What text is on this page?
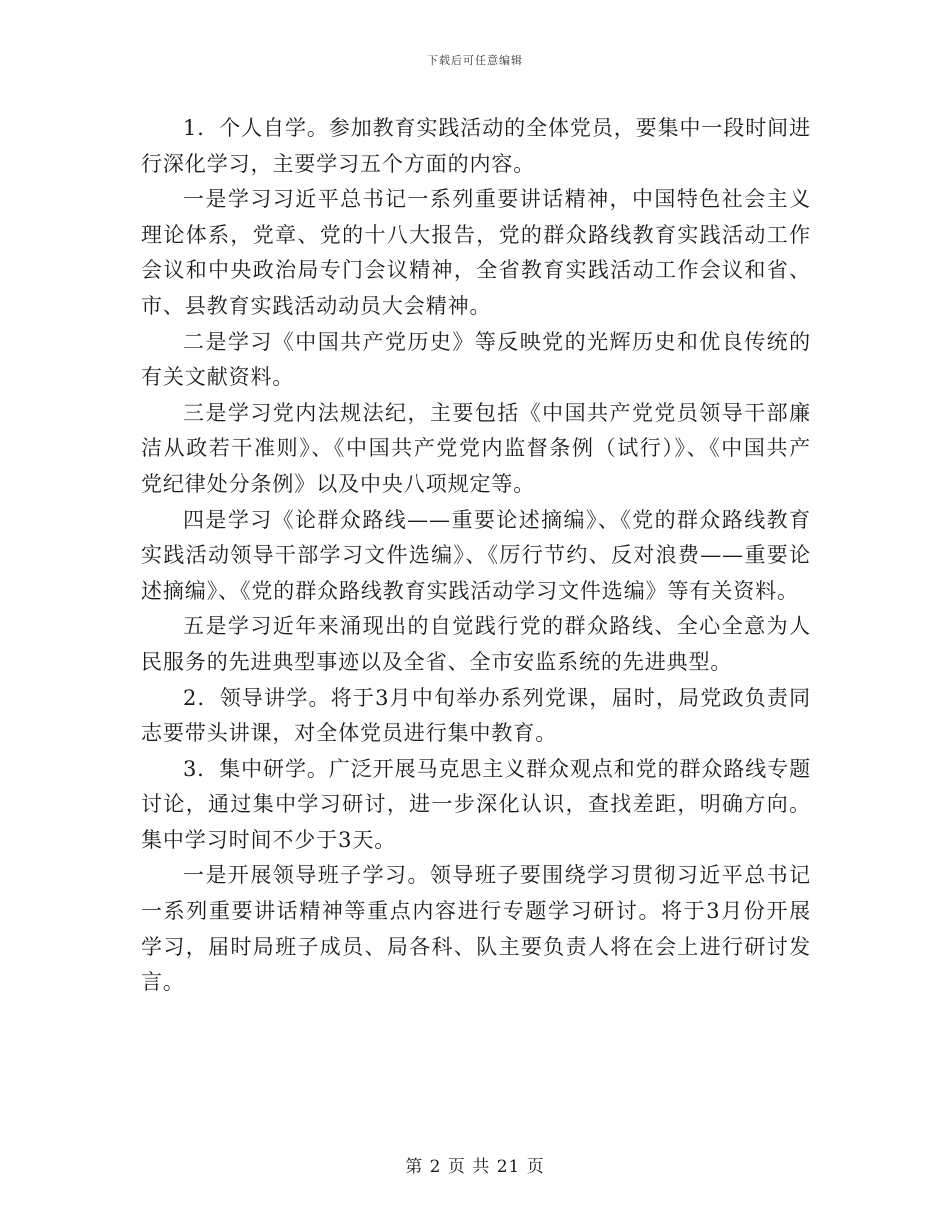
下载后可任意编辑

1．个人自学。参加教育实践活动的全体党员，要集中一段时间进行深化学习，主要学习五个方面的内容。

一是学习习近平总书记一系列重要讲话精神，中国特色社会主义理论体系，党章、党的十八大报告，党的群众路线教育实践活动工作会议和中央政治局专门会议精神，全省教育实践活动工作会议和省、市、县教育实践活动动员大会精神。

二是学习《中国共产党历史》等反映党的光辉历史和优良传统的有关文献资料。

三是学习党内法规法纪，主要包括《中国共产党党员领导干部廉洁从政若干准则》、《中国共产党党内监督条例（试行）》、《中国共产党纪律处分条例》以及中央八项规定等。

四是学习《论群众路线——重要论述摘编》、《党的群众路线教育实践活动领导干部学习文件选编》、《厉行节约、反对浪费——重要论述摘编》、《党的群众路线教育实践活动学习文件选编》等有关资料。

五是学习近年来涌现出的自觉践行党的群众路线、全心全意为人民服务的先进典型事迹以及全省、全市安监系统的先进典型。

2．领导讲学。将于3月中旬举办系列党课，届时，局党政负责同志要带头讲课，对全体党员进行集中教育。

3．集中研学。广泛开展马克思主义群众观点和党的群众路线专题讨论，通过集中学习研讨，进一步深化认识，查找差距，明确方向。集中学习时间不少于3天。

一是开展领导班子学习。领导班子要围绕学习贯彻习近平总书记一系列重要讲话精神等重点内容进行专题学习研讨。将于3月份开展学习，届时局班子成员、局各科、队主要负责人将在会上进行研讨发言。

第 2 页 共 21 页
